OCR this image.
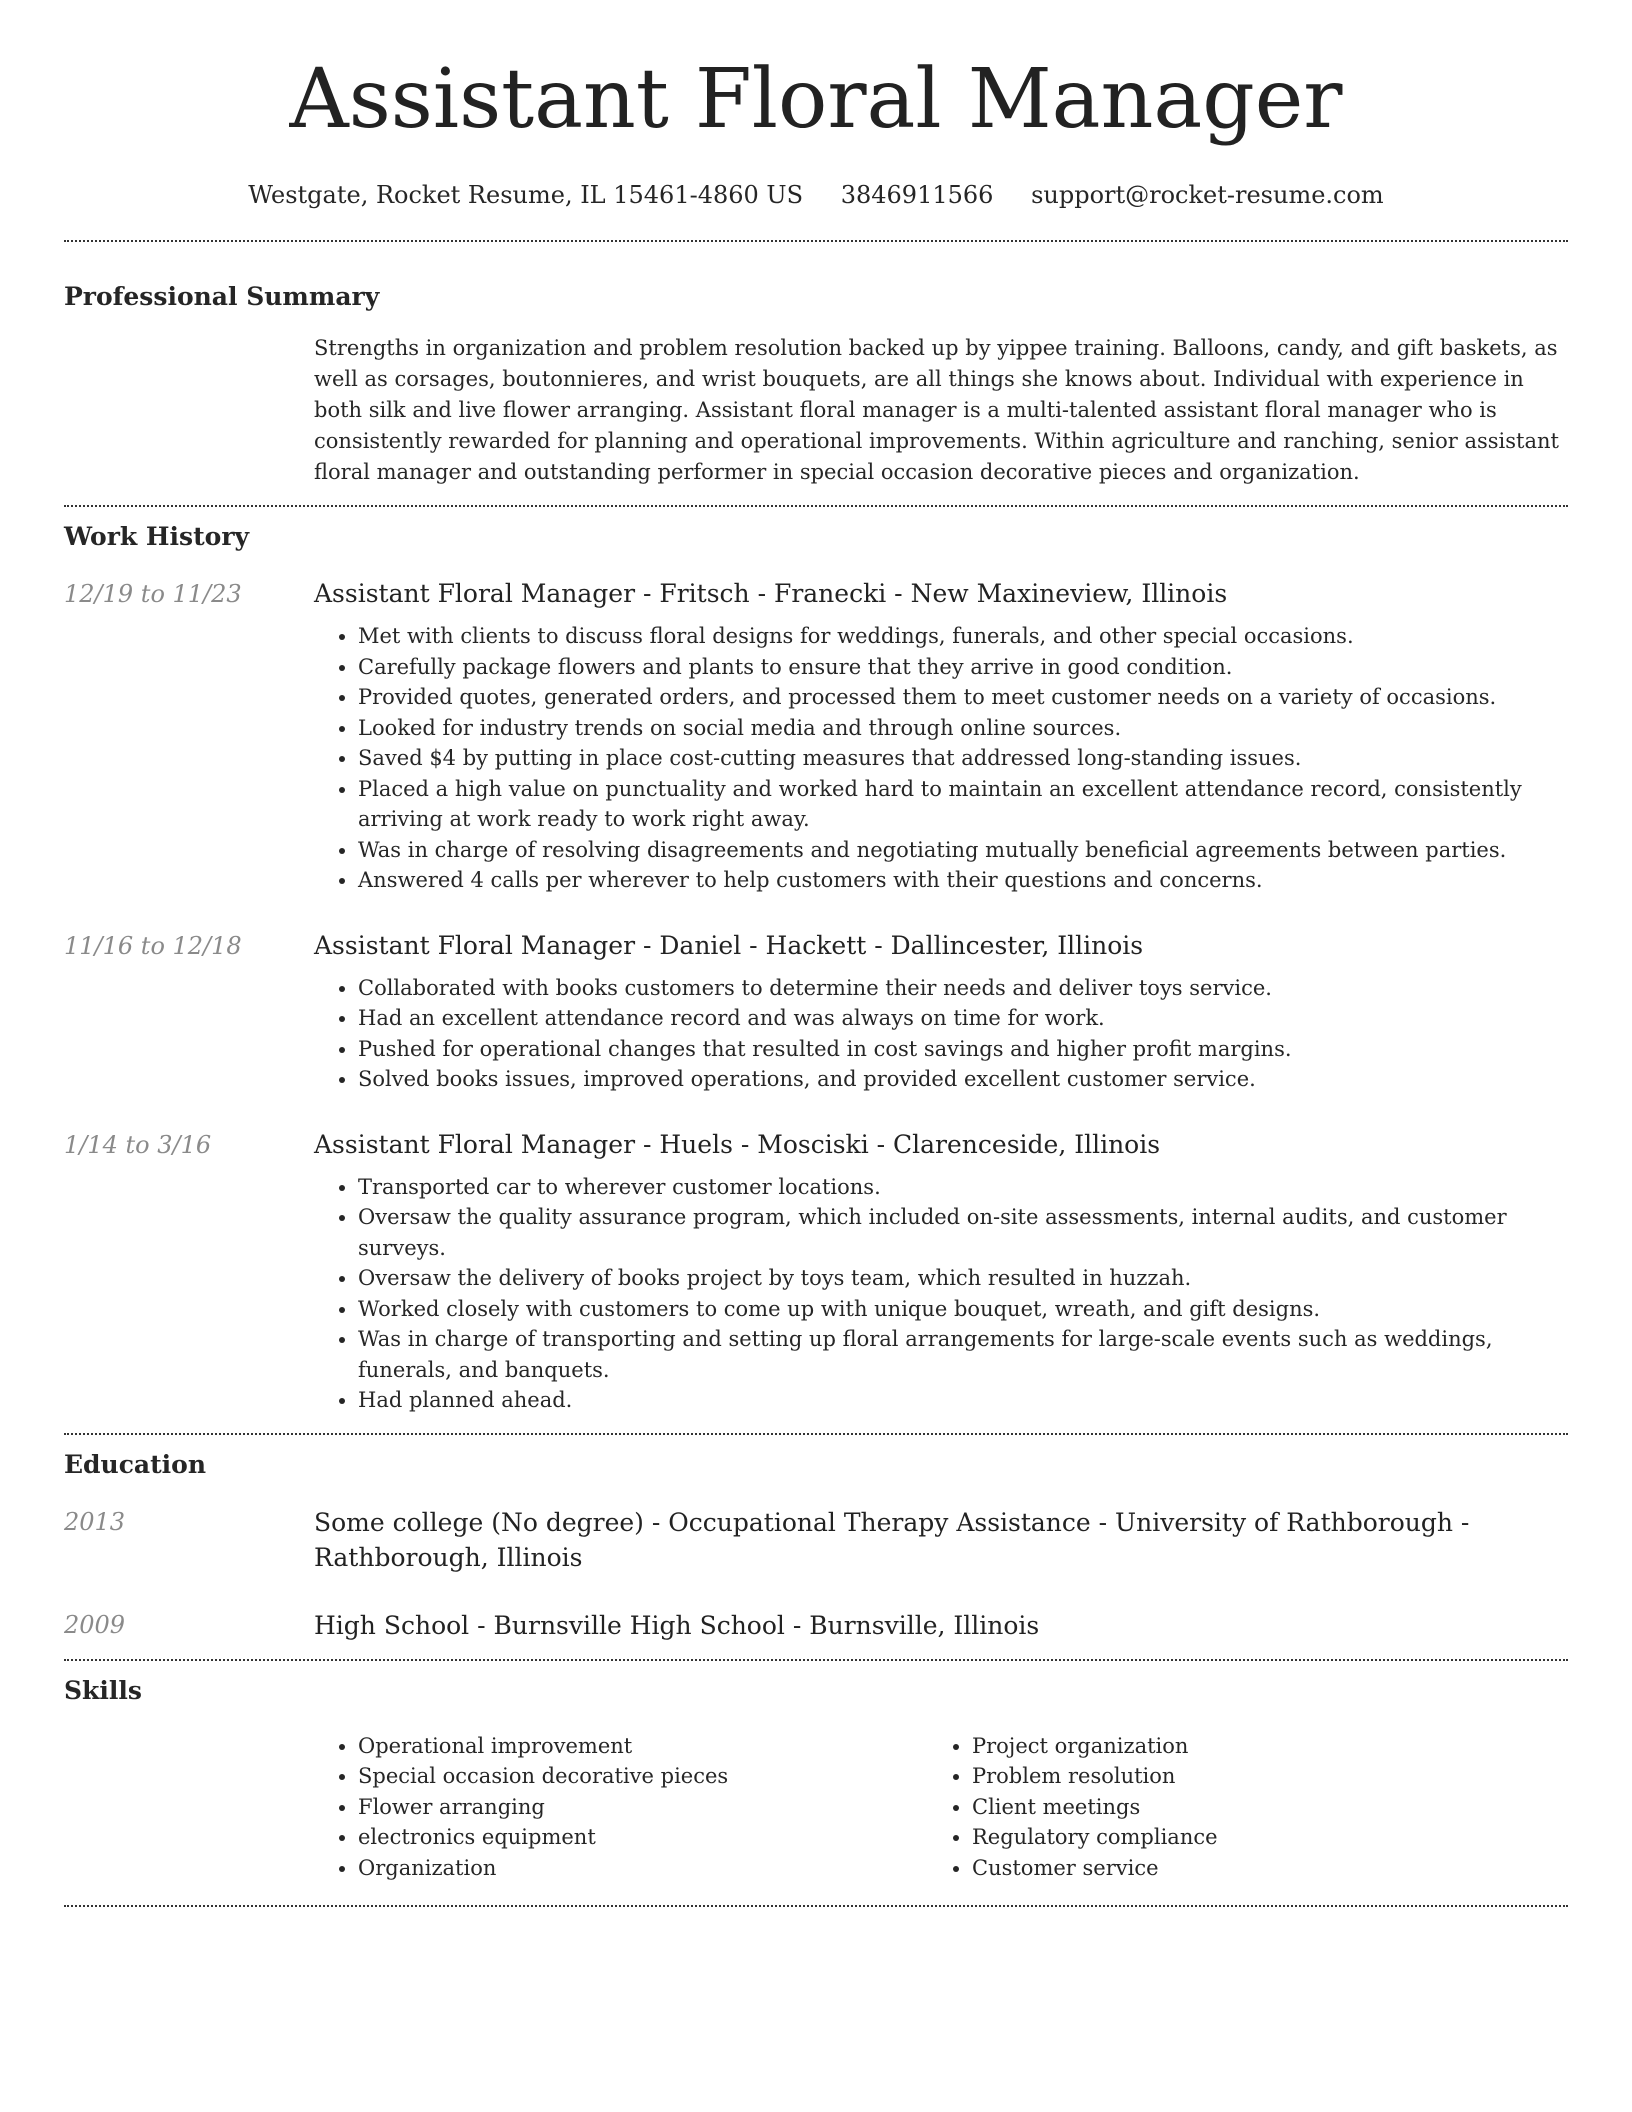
Assistant Floral Manager
Westgate, Rocket Resume, IL 15461-4860 US 3846911566 support@rocket-resume.com
Professional Summary
Strengths in organization and problem resolution backed up by yippee training. Balloons, candy, and gift baskets, as well as corsages, boutonnieres, and wrist bouquets, are all things she knows about. Individual with experience in both silk and live flower arranging. Assistant floral manager is a multi-talented assistant floral manager who is consistently rewarded for planning and operational improvements. Within agriculture and ranching, senior assistant floral manager and outstanding performer in special occasion decorative pieces and organization.
Work History
12/19 to 11/23	Assistant Floral Manager - Fritsch - Franecki - New Maxineview, Illinois
• Met with clients to discuss floral designs for weddings, funerals, and other special occasions.
• Carefully package flowers and plants to ensure that they arrive in good condition.
• Provided quotes, generated orders, and processed them to meet customer needs on a variety of occasions.
• Looked for industry trends on social media and through online sources.
• Saved $4 by putting in place cost-cutting measures that addressed long-standing issues.
• Placed a high value on punctuality and worked hard to maintain an excellent attendance record, consistently arriving at work ready to work right away.
• Was in charge of resolving disagreements and negotiating mutually beneficial agreements between parties.
• Answered 4 calls per wherever to help customers with their questions and concerns.
11/16 to 12/18	Assistant Floral Manager - Daniel - Hackett - Dallincester, Illinois
• Collaborated with books customers to determine their needs and deliver toys service.
• Had an excellent attendance record and was always on time for work.
• Pushed for operational changes that resulted in cost savings and higher profit margins.
• Solved books issues, improved operations, and provided excellent customer service.
1/14 to 3/16	Assistant Floral Manager - Huels - Mosciski - Clarenceside, Illinois
• Transported car to wherever customer locations.
• Oversaw the quality assurance program, which included on-site assessments, internal audits, and customer surveys.
• Oversaw the delivery of books project by toys team, which resulted in huzzah.
• Worked closely with customers to come up with unique bouquet, wreath, and gift designs.
• Was in charge of transporting and setting up floral arrangements for large-scale events such as weddings, funerals, and banquets.
• Had planned ahead.
Education
2013	Some college (No degree) - Occupational Therapy Assistance - University of Rathborough - Rathborough, Illinois
2009	High School - Burnsville High School - Burnsville, Illinois
Skills
• Operational improvement
• Special occasion decorative pieces
• Flower arranging
• electronics equipment
• Organization
• Project organization
• Problem resolution
• Client meetings
• Regulatory compliance
• Customer service
